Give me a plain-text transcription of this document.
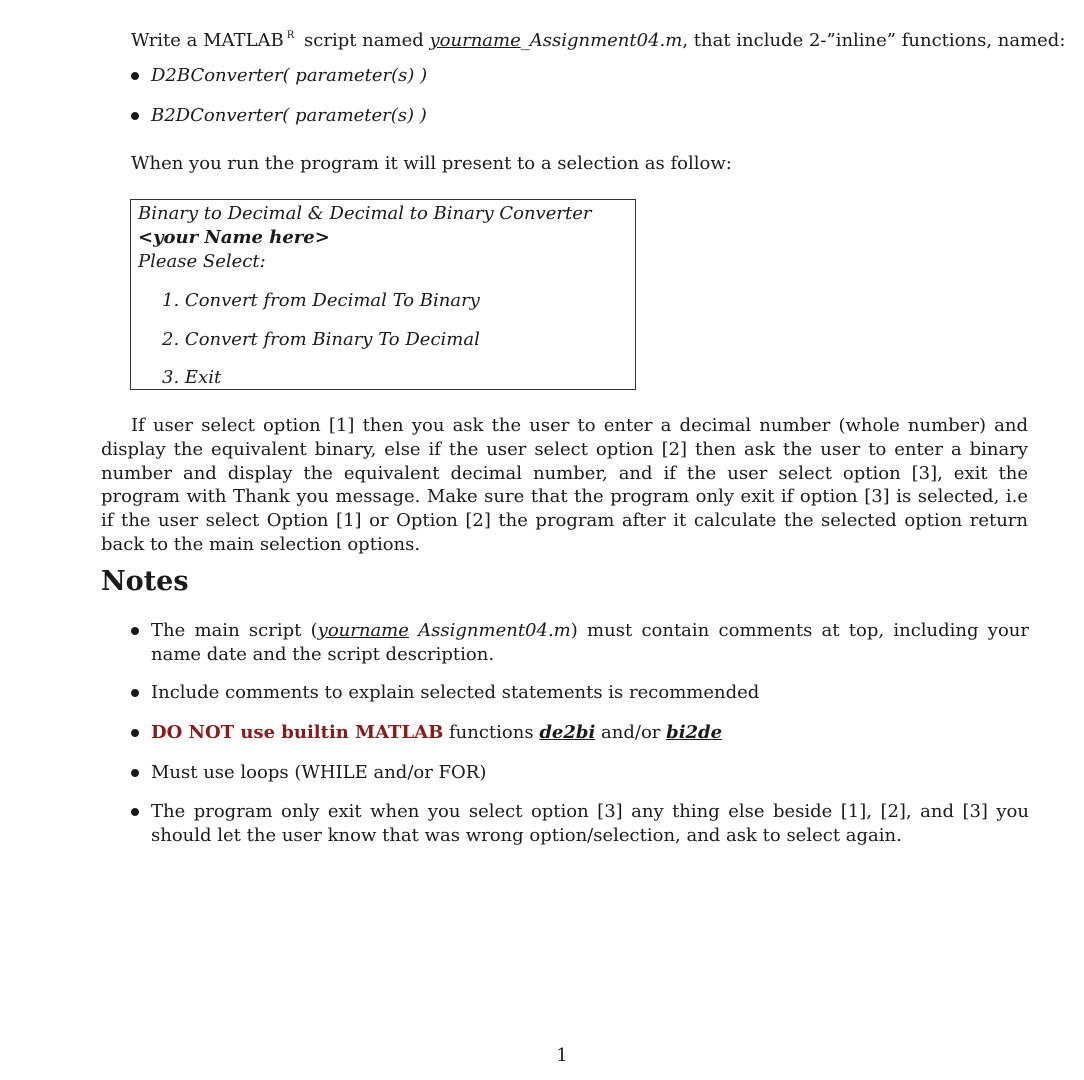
Write a MATLAB $^R$ script named yourname_Assignment04.m, that include 2-”inline” functions, named:
D2BConverter( parameter(s) )
B2DConverter( parameter(s) )
When you run the program it will present to a selection as follow:
Binary to Decimal & Decimal to Binary Converter
<your Name here>
Please Select:
1. Convert from Decimal To Binary
2. Convert from Binary To Decimal
3. Exit
If user select option [1] then you ask the user to enter a decimal number (whole number) and display the equivalent binary, else if the user select option [2] then ask the user to enter a binary number and display the equivalent decimal number, and if the user select option [3], exit the program with Thank you message. Make sure that the program only exit if option [3] is selected, i.e if the user select Option [1] or Option [2] the program after it calculate the selected option return back to the main selection options.
Notes
The main script (yourname Assignment04.m) must contain comments at top, including your name date and the script description.
Include comments to explain selected statements is recommended
DO NOT use builtin MATLAB functions de2bi and/or bi2de
Must use loops (WHILE and/or FOR)
The program only exit when you select option [3] any thing else beside [1], [2], and [3] you should let the user know that was wrong option/selection, and ask to select again.
1
